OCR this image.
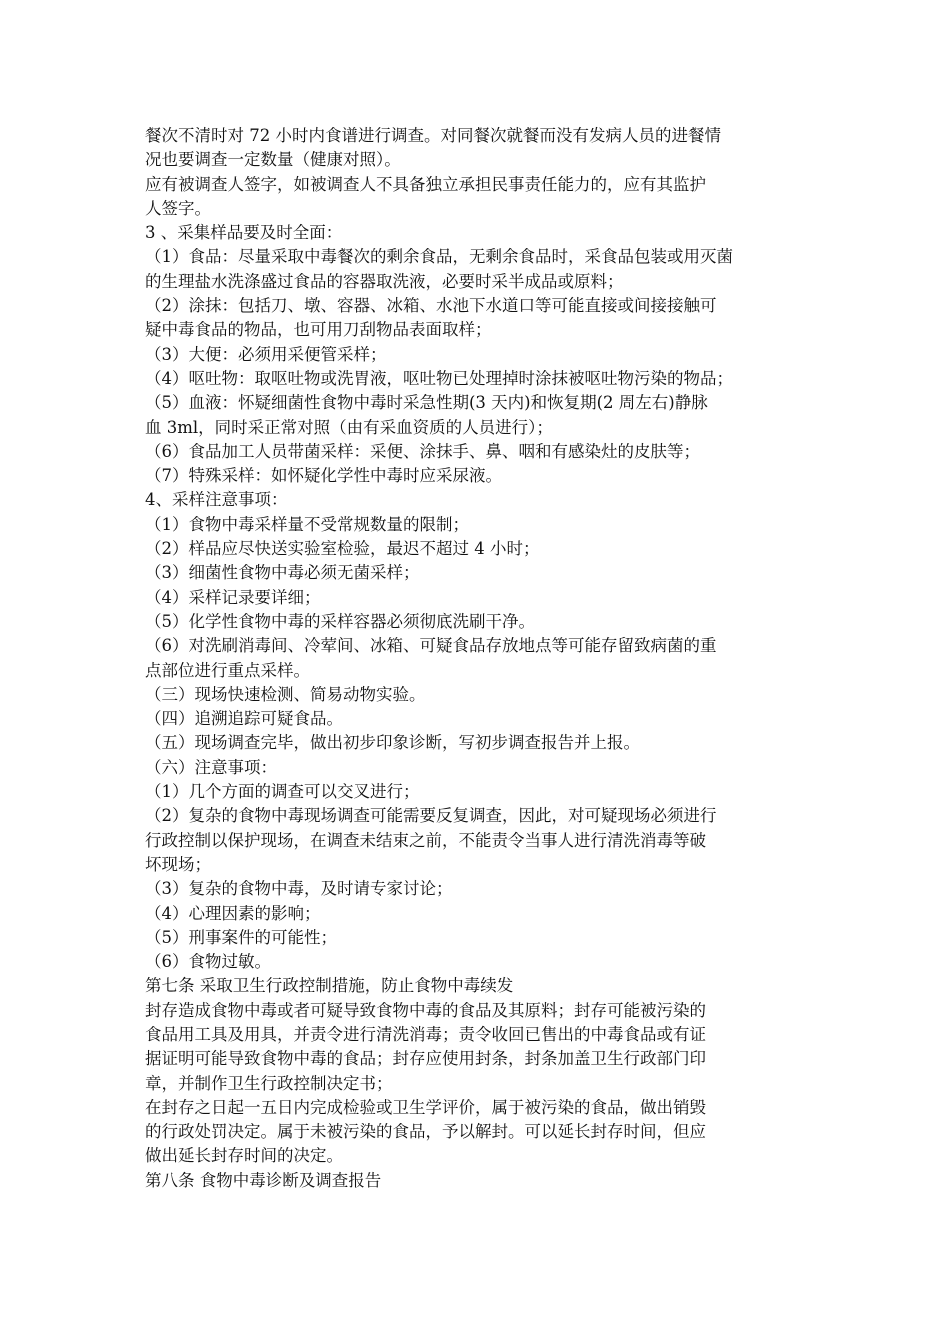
餐次不清时对 72 小时内食谱进行调查。对同餐次就餐而没有发病人员的进餐情
况也要调查一定数量（健康对照）。
应有被调查人签字，如被调查人不具备独立承担民事责任能力的，应有其监护
人签字。
3 、采集样品要及时全面：
（1）食品：尽量采取中毒餐次的剩余食品，无剩余食品时，采食品包装或用灭菌
的生理盐水洗涤盛过食品的容器取洗液，必要时采半成品或原料；
（2）涂抹：包括刀、墩、容器、冰箱、水池下水道口等可能直接或间接接触可
疑中毒食品的物品，也可用刀刮物品表面取样；
（3）大便：必须用采便管采样；
（4）呕吐物：取呕吐物或洗胃液，呕吐物已处理掉时涂抹被呕吐物污染的物品；
（5）血液：怀疑细菌性食物中毒时采急性期(3 天内)和恢复期(2 周左右)静脉
血 3ml，同时采正常对照（由有采血资质的人员进行）；
（6）食品加工人员带菌采样：采便、涂抹手、鼻、咽和有感染灶的皮肤等；
（7）特殊采样：如怀疑化学性中毒时应采尿液。
4、采样注意事项：
（1）食物中毒采样量不受常规数量的限制；
（2）样品应尽快送实验室检验，最迟不超过 4 小时；
（3）细菌性食物中毒必须无菌采样；
（4）采样记录要详细；
（5）化学性食物中毒的采样容器必须彻底洗刷干净。
（6）对洗刷消毒间、冷荤间、冰箱、可疑食品存放地点等可能存留致病菌的重
点部位进行重点采样。
（三）现场快速检测、简易动物实验。
（四）追溯追踪可疑食品。
（五）现场调查完毕，做出初步印象诊断，写初步调查报告并上报。
（六）注意事项：
（1）几个方面的调查可以交叉进行；
（2）复杂的食物中毒现场调查可能需要反复调查，因此，对可疑现场必须进行
行政控制以保护现场，在调查未结束之前，不能责令当事人进行清洗消毒等破
坏现场；
（3）复杂的食物中毒，及时请专家讨论；
（4）心理因素的影响；
（5）刑事案件的可能性；
（6）食物过敏。
第七条 采取卫生行政控制措施，防止食物中毒续发
封存造成食物中毒或者可疑导致食物中毒的食品及其原料；封存可能被污染的
食品用工具及用具，并责令进行清洗消毒；责令收回已售出的中毒食品或有证
据证明可能导致食物中毒的食品；封存应使用封条，封条加盖卫生行政部门印
章，并制作卫生行政控制决定书；
在封存之日起一五日内完成检验或卫生学评价，属于被污染的食品，做出销毁
的行政处罚决定。属于未被污染的食品，予以解封。可以延长封存时间，但应
做出延长封存时间的决定。
第八条 食物中毒诊断及调查报告
